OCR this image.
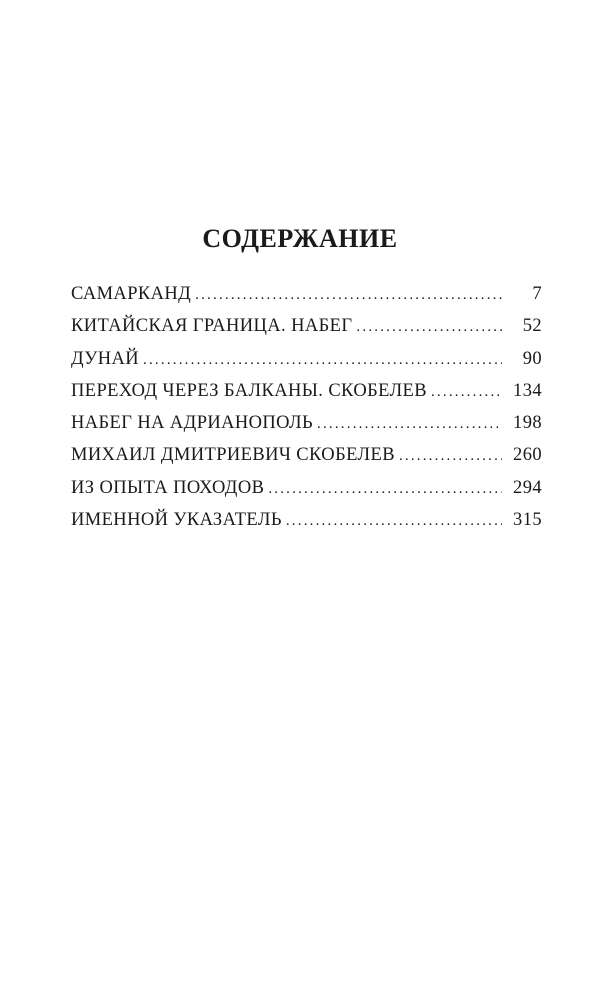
СОДЕРЖАНИЕ
САМАРКАНД .....	7
КИТАЙСКАЯ ГРАНИЦА. НАБЕГ .....	52
ДУНАЙ .....	90
ПЕРЕХОД ЧЕРЕЗ БАЛКАНЫ. СКОБЕЛЕВ .....	134
НАБЕГ НА АДРИАНОПОЛЬ .....	198
МИХАИЛ ДМИТРИЕВИЧ СКОБЕЛЕВ .....	260
ИЗ ОПЫТА ПОХОДОВ .....	294
ИМЕННОЙ УКАЗАТЕЛЬ .....	315
